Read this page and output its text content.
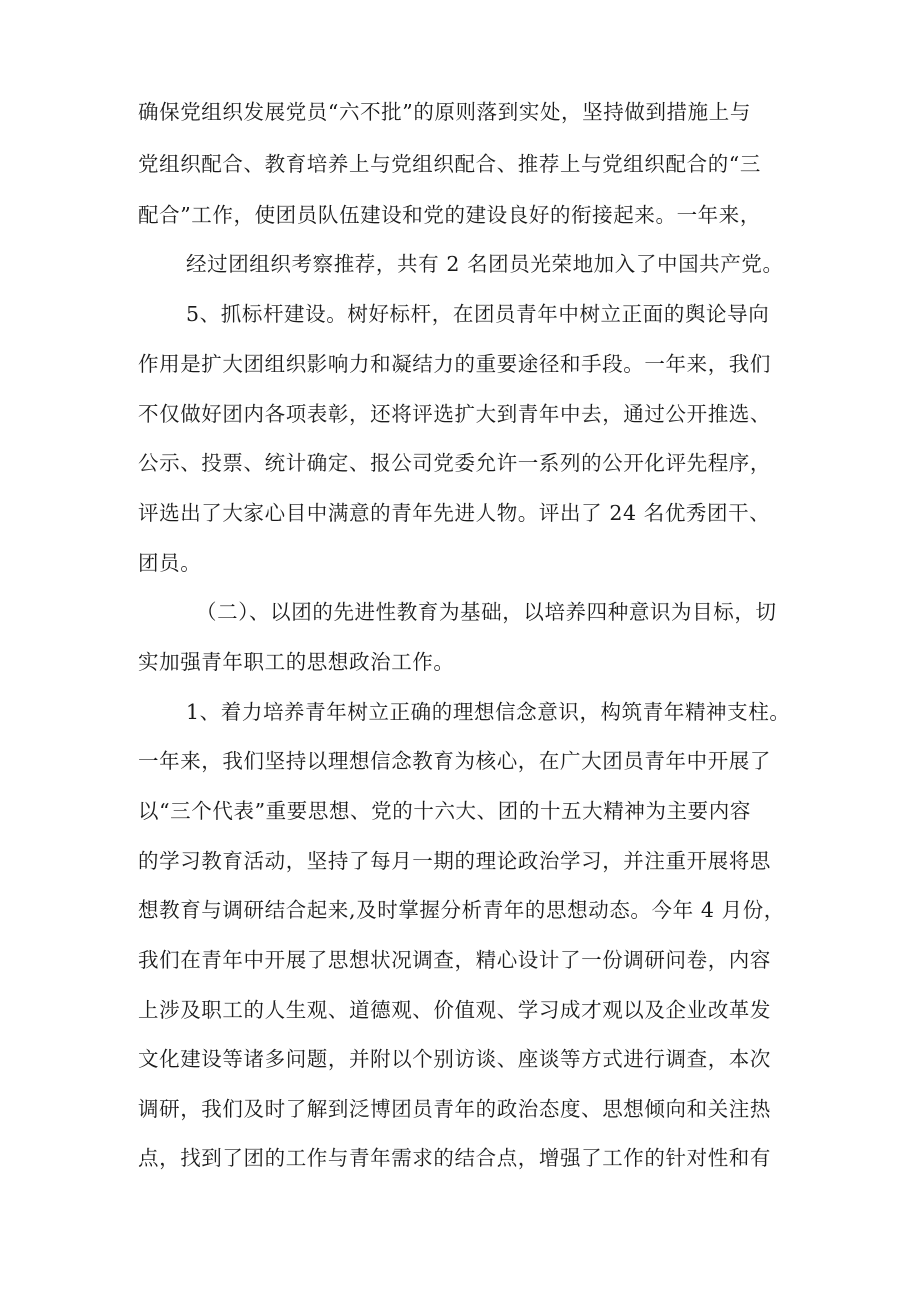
确保党组织发展党员“六不批”的原则落到实处，坚持做到措施上与
党组织配合、教育培养上与党组织配合、推荐上与党组织配合的“三
配合”工作，使团员队伍建设和党的建设良好的衔接起来。一年来，
经过团组织考察推荐，共有 2 名团员光荣地加入了中国共产党。
5、抓标杆建设。树好标杆，在团员青年中树立正面的舆论导向
作用是扩大团组织影响力和凝结力的重要途径和手段。一年来，我们
不仅做好团内各项表彰，还将评选扩大到青年中去，通过公开推选、
公示、投票、统计确定、报公司党委允许一系列的公开化评先程序，
评选出了大家心目中满意的青年先进人物。评出了 24 名优秀团干、
团员。
（二）、以团的先进性教育为基础，以培养四种意识为目标，切
实加强青年职工的思想政治工作。
1、着力培养青年树立正确的理想信念意识，构筑青年精神支柱。
一年来，我们坚持以理想信念教育为核心，在广大团员青年中开展了
以“三个代表”重要思想、党的十六大、团的十五大精神为主要内容
的学习教育活动，坚持了每月一期的理论政治学习，并注重开展将思
想教育与调研结合起来,及时掌握分析青年的思想动态。今年 4 月份，
我们在青年中开展了思想状况调查，精心设计了一份调研问卷，内容
上涉及职工的人生观、道德观、价值观、学习成才观以及企业改革发
文化建设等诸多问题，并附以个别访谈、座谈等方式进行调查，本次
调研，我们及时了解到泛博团员青年的政治态度、思想倾向和关注热
点，找到了团的工作与青年需求的结合点，增强了工作的针对性和有
